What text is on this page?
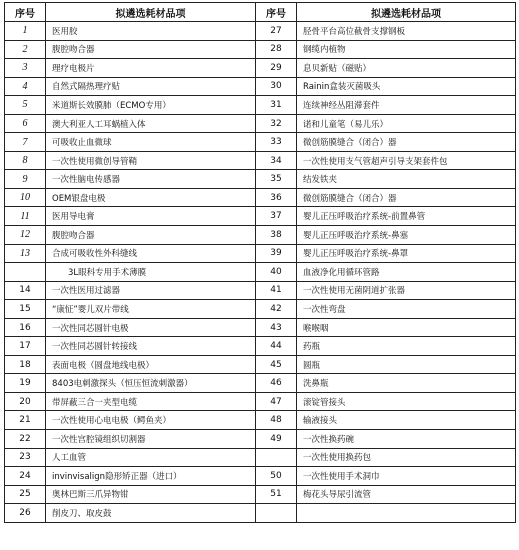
序号	拟遴选耗材品项	序号	拟遴选耗材品项
1	医用胶	27	胫骨平台高位截骨支撑钢板
2	腹腔吻合器	28	钢缆内植物
3	理疗电极片	29	息贝新贴（磁贴）
4	自然式隔热理疗贴	30	Rainin盒装灭菌吸头
5	米道斯长效膜肺（ECMO专用）	31	连续神经丛阻滞套件
6	澳大利亚人工耳蜗植入体	32	诺和儿童笔（易儿乐）
7	可吸收止血微球	33	微创筋膜缝合（闭合）器
8	一次性使用微创导管鞘	34	一次性使用支气管超声引导支架套件包
9	一次性脑电传感器	35	结发铁夹
10	OEM银盘电极	36	微创筋膜缝合（闭合）器
11	医用导电膏	37	婴儿正压呼吸治疗系统-前置鼻管
12	腹腔吻合器	38	婴儿正压呼吸治疗系统-鼻塞
13	合成可吸收性外科缝线	39	婴儿正压呼吸治疗系统-鼻罩
	3L眼科专用手术薄膜	40	血液净化用循环管路
14	一次性医用过滤器	41	一次性使用无菌阴道扩张器
15	“康怔”婴儿双片带线	42	一次性弯盘
16	一次性同芯圆针电极	43	喉喉咽
17	一次性同芯圆针转接线	44	药瓶
18	表面电极（圆盘地线电极）	45	圆瓶
19	8403电刺激探头（恒压恒流刺激器）	46	洗鼻瓶
20	带屏蔽三合一夹型电缆	47	滚锭管接头
21	一次性使用心电电极（鳄鱼夹）	48	输液接头
22	一次性宫腔镜组织切割器	49	一次性换药碗
23	人工血管		一次性使用换药包
24	invinvisalign隐形矫正器（进口）	50	一次性使用手术洞巾
25	奥林巴斯三爪异物钳	51	梅花头导尿引流管
26	削皮刀、取皮鼓		
